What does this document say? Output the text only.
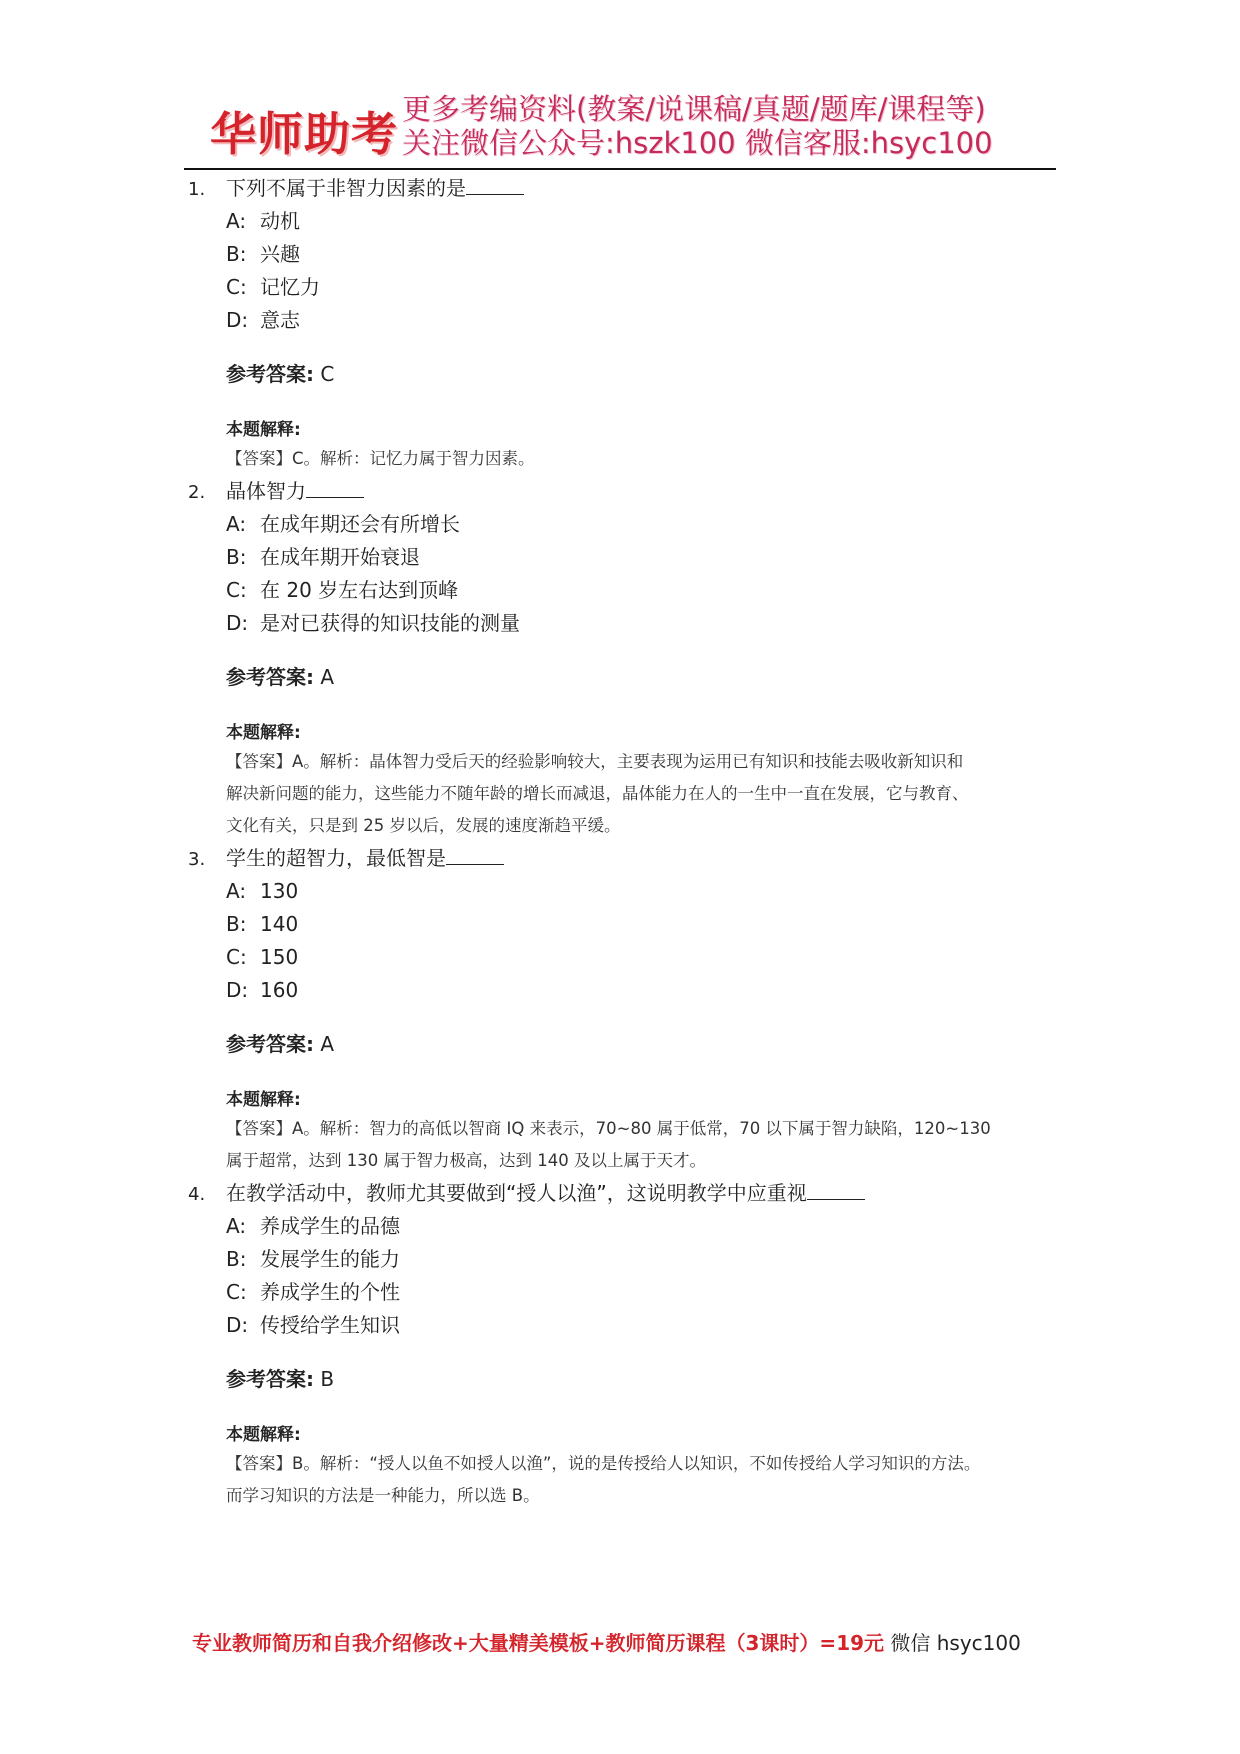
华师助考 更多考编资料(教案/说课稿/真题/题库/课程等)
关注微信公众号:hszk100 微信客服:hsyc100
1. 下列不属于非智力因素的是
A: 动机
B: 兴趣
C: 记忆力
D: 意志
参考答案: C
本题解释:
【答案】C。解析：记忆力属于智力因素。
2. 晶体智力
A: 在成年期还会有所增长
B: 在成年期开始衰退
C: 在 20 岁左右达到顶峰
D: 是对已获得的知识技能的测量
参考答案: A
本题解释:
【答案】A。解析：晶体智力受后天的经验影响较大，主要表现为运用已有知识和技能去吸收新知识和
解决新问题的能力，这些能力不随年龄的增长而减退，晶体能力在人的一生中一直在发展，它与教育、
文化有关，只是到 25 岁以后，发展的速度渐趋平缓。
3. 学生的超智力，最低智是
A: 130
B: 140
C: 150
D: 160
参考答案: A
本题解释:
【答案】A。解析：智力的高低以智商 IQ 来表示，70~80 属于低常，70 以下属于智力缺陷，120~130
属于超常，达到 130 属于智力极高，达到 140 及以上属于天才。
4. 在教学活动中，教师尤其要做到“授人以渔”，这说明教学中应重视
A: 养成学生的品德
B: 发展学生的能力
C: 养成学生的个性
D: 传授给学生知识
参考答案: B
本题解释:
【答案】B。解析：“授人以鱼不如授人以渔”，说的是传授给人以知识，不如传授给人学习知识的方法。
而学习知识的方法是一种能力，所以选 B。
专业教师简历和自我介绍修改+大量精美模板+教师简历课程（3课时）=19元 微信 hsyc100
